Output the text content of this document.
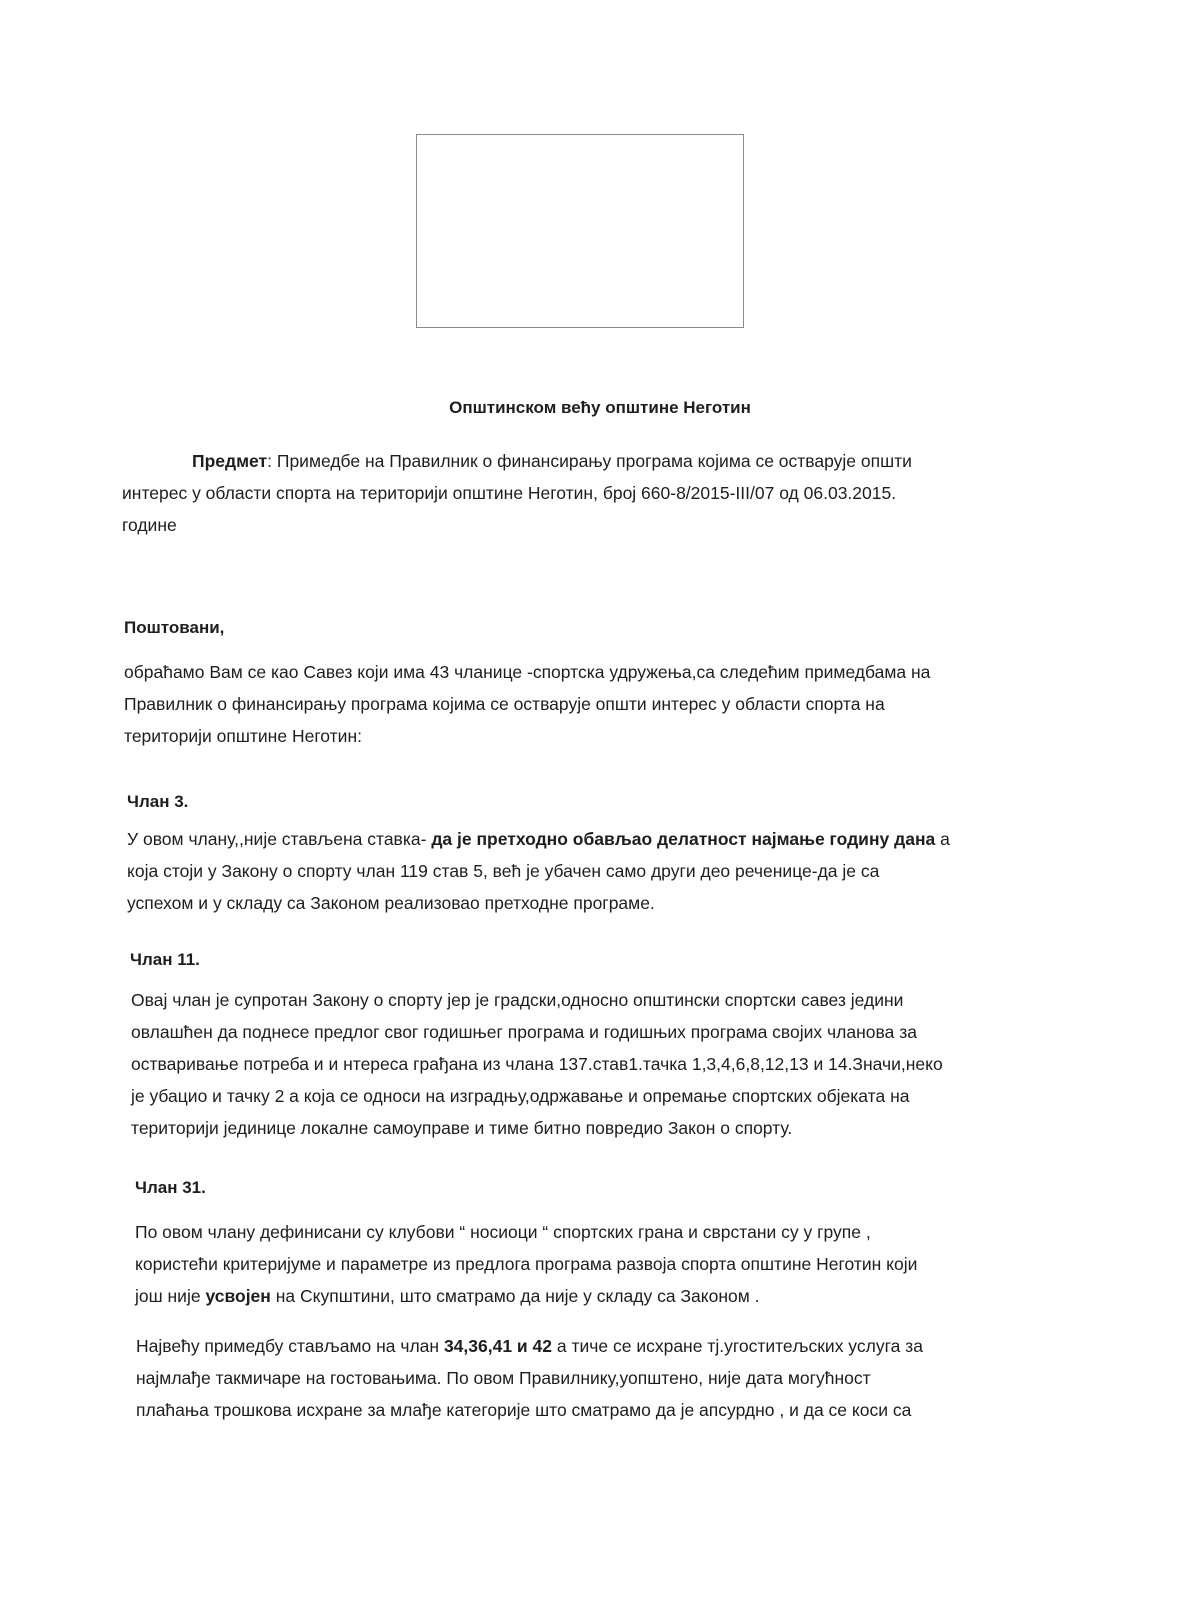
Општинском већу општине Неготин
Предмет: Примедбе на Правилник о финансирању програма којима се остварује општи
интерес у области спорта на територији општине Неготин, број 660-8/2015-III/07 од 06.03.2015.
године
Поштовани,
обраћамо Вам се као Савез који има 43 чланице -спортска удружења,са следећим примедбама на
Правилник о финансирању програма којима се остварује општи интерес у области спорта на
територији општине Неготин:
Члан 3.
У овом члану,,није стављена ставка- да је претходно обављао делатност најмање годину дана а
која стоји у Закону о спорту члан 119 став 5, већ је убачен само други део реченице-да је са
успехом и у складу са Законом реализовао претходне програме.
Члан 11.
Овај члан је супротан Закону о спорту јер је градски,односно општински спортски савез једини
овлашћен да поднесе предлог свог годишњег програма и годишњих програма својих чланова за
остваривање потреба и и нтереса грађана из члана 137.став1.тачка 1,3,4,6,8,12,13 и 14.Значи,неко
је убацио и тачку 2 а која се односи на изградњу,одржавање и опремање спортских објеката на
територији јединице локалне самоуправе и тиме битно повредио Закон о спорту.
Члан 31.
По овом члану дефинисани су клубови “ носиоци “ спортских грана и сврстани су у групе ,
користећи критеријуме и параметре из предлога програма развоја спорта општине Неготин који
још није усвојен на Скупштини, што сматрамо да није у складу са Законом .
Највећу примедбу стављамо на члан 34,36,41 и 42 а тиче се исхране тј.угоститељских услуга за
најмлађе такмичаре на гостовањима. По овом Правилнику,уопштено, није дата могућност
плаћања трошкова исхране за млађе категорије што сматрамо да је апсурдно , и да се коси са
